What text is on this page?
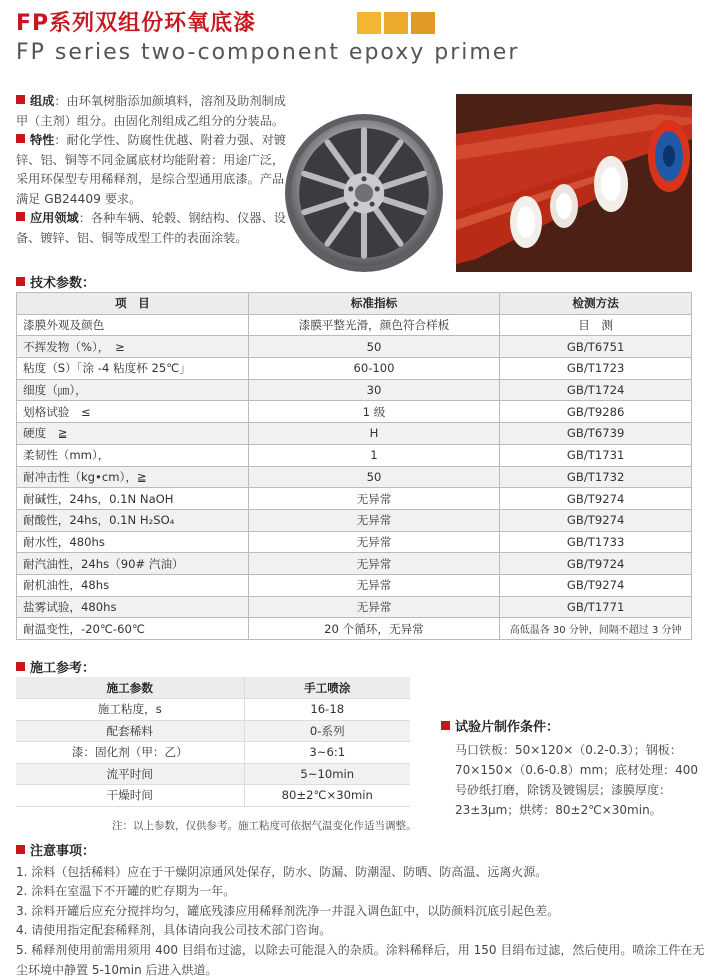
FP系列双组份环氧底漆
FP series two-component epoxy primer

组成：由环氧树脂添加颜填料，溶剂及助剂制成甲（主剂）组分。由固化剂组成乙组分的分装品。

特性：耐化学性、防腐性优越、附着力强、对镀锌、铝、铜等不同金属底材均能附着：用途广泛，采用环保型专用稀释剂，是综合型通用底漆。产品满足 GB24409 要求。

应用领域：各种车辆、轮毂、钢结构、仪器、设备、镀锌、铝、铜等成型工件的表面涂装。

技术参数：
项　目	标准指标	检测方法
漆膜外观及颜色	漆膜平整光滑，颜色符合样板	目　测
不挥发物（%），　≥	50	GB/T6751
粘度（S）「涂 -4 粘度杯 25℃」	60-100	GB/T1723
细度（㎛），	30	GB/T1724
划格试验　≤	1 级	GB/T9286
硬度　≧	H	GB/T6739
柔韧性（mm），	1	GB/T1731
耐冲击性（kg•cm），≧	50	GB/T1732
耐碱性，24hs，0.1N NaOH	无异常	GB/T9274
耐酸性，24hs，0.1N H₂SO₄	无异常	GB/T9274
耐水性，480hs	无异常	GB/T1733
耐汽油性，24hs（90# 汽油）	无异常	GB/T9724
耐机油性，48hs	无异常	GB/T9274
盐雾试验，480hs	无异常	GB/T1771
耐温变性，-20℃-60℃	20 个循环，无异常	高低温各 30 分钟，间隔不超过 3 分钟
施工参考：
施工参数	手工喷涂
施工粘度，s	16-18
配套稀料	0-系列
漆：固化剂（甲：乙）	3~6:1
流平时间	5~10min
干燥时间	80±2℃×30min
注：以上参数，仅供参考。施工粘度可依据气温变化作适当调整。
试验片制作条件：
马口铁板：50×120×（0.2-0.3）；钢板：70×150×（0.6-0.8）mm；底材处理：400 号砂纸打磨，除锈及镀锡层；漆膜厚度：23±3μm；烘烤：80±2℃×30min。
注意事项：
1. 涂料（包括稀料）应在于干燥阴凉通风处保存，防水、防漏、防潮湿、防晒、防高温、远离火源。
2. 涂料在室温下不开罐的贮存期为一年。
3. 涂料开罐后应充分搅拌均匀，罐底残漆应用稀释剂洗净一并混入调色缸中，以防颜料沉底引起色差。
4. 请使用指定配套稀释剂，具体请向我公司技术部门咨询。
5. 稀释剂使用前需用须用 400 目绢布过滤，以除去可能混入的杂质。涂料稀释后，用 150 目绢布过滤，然后使用。喷涂工件在无尘环境中静置 5-10min 后进入烘道。
